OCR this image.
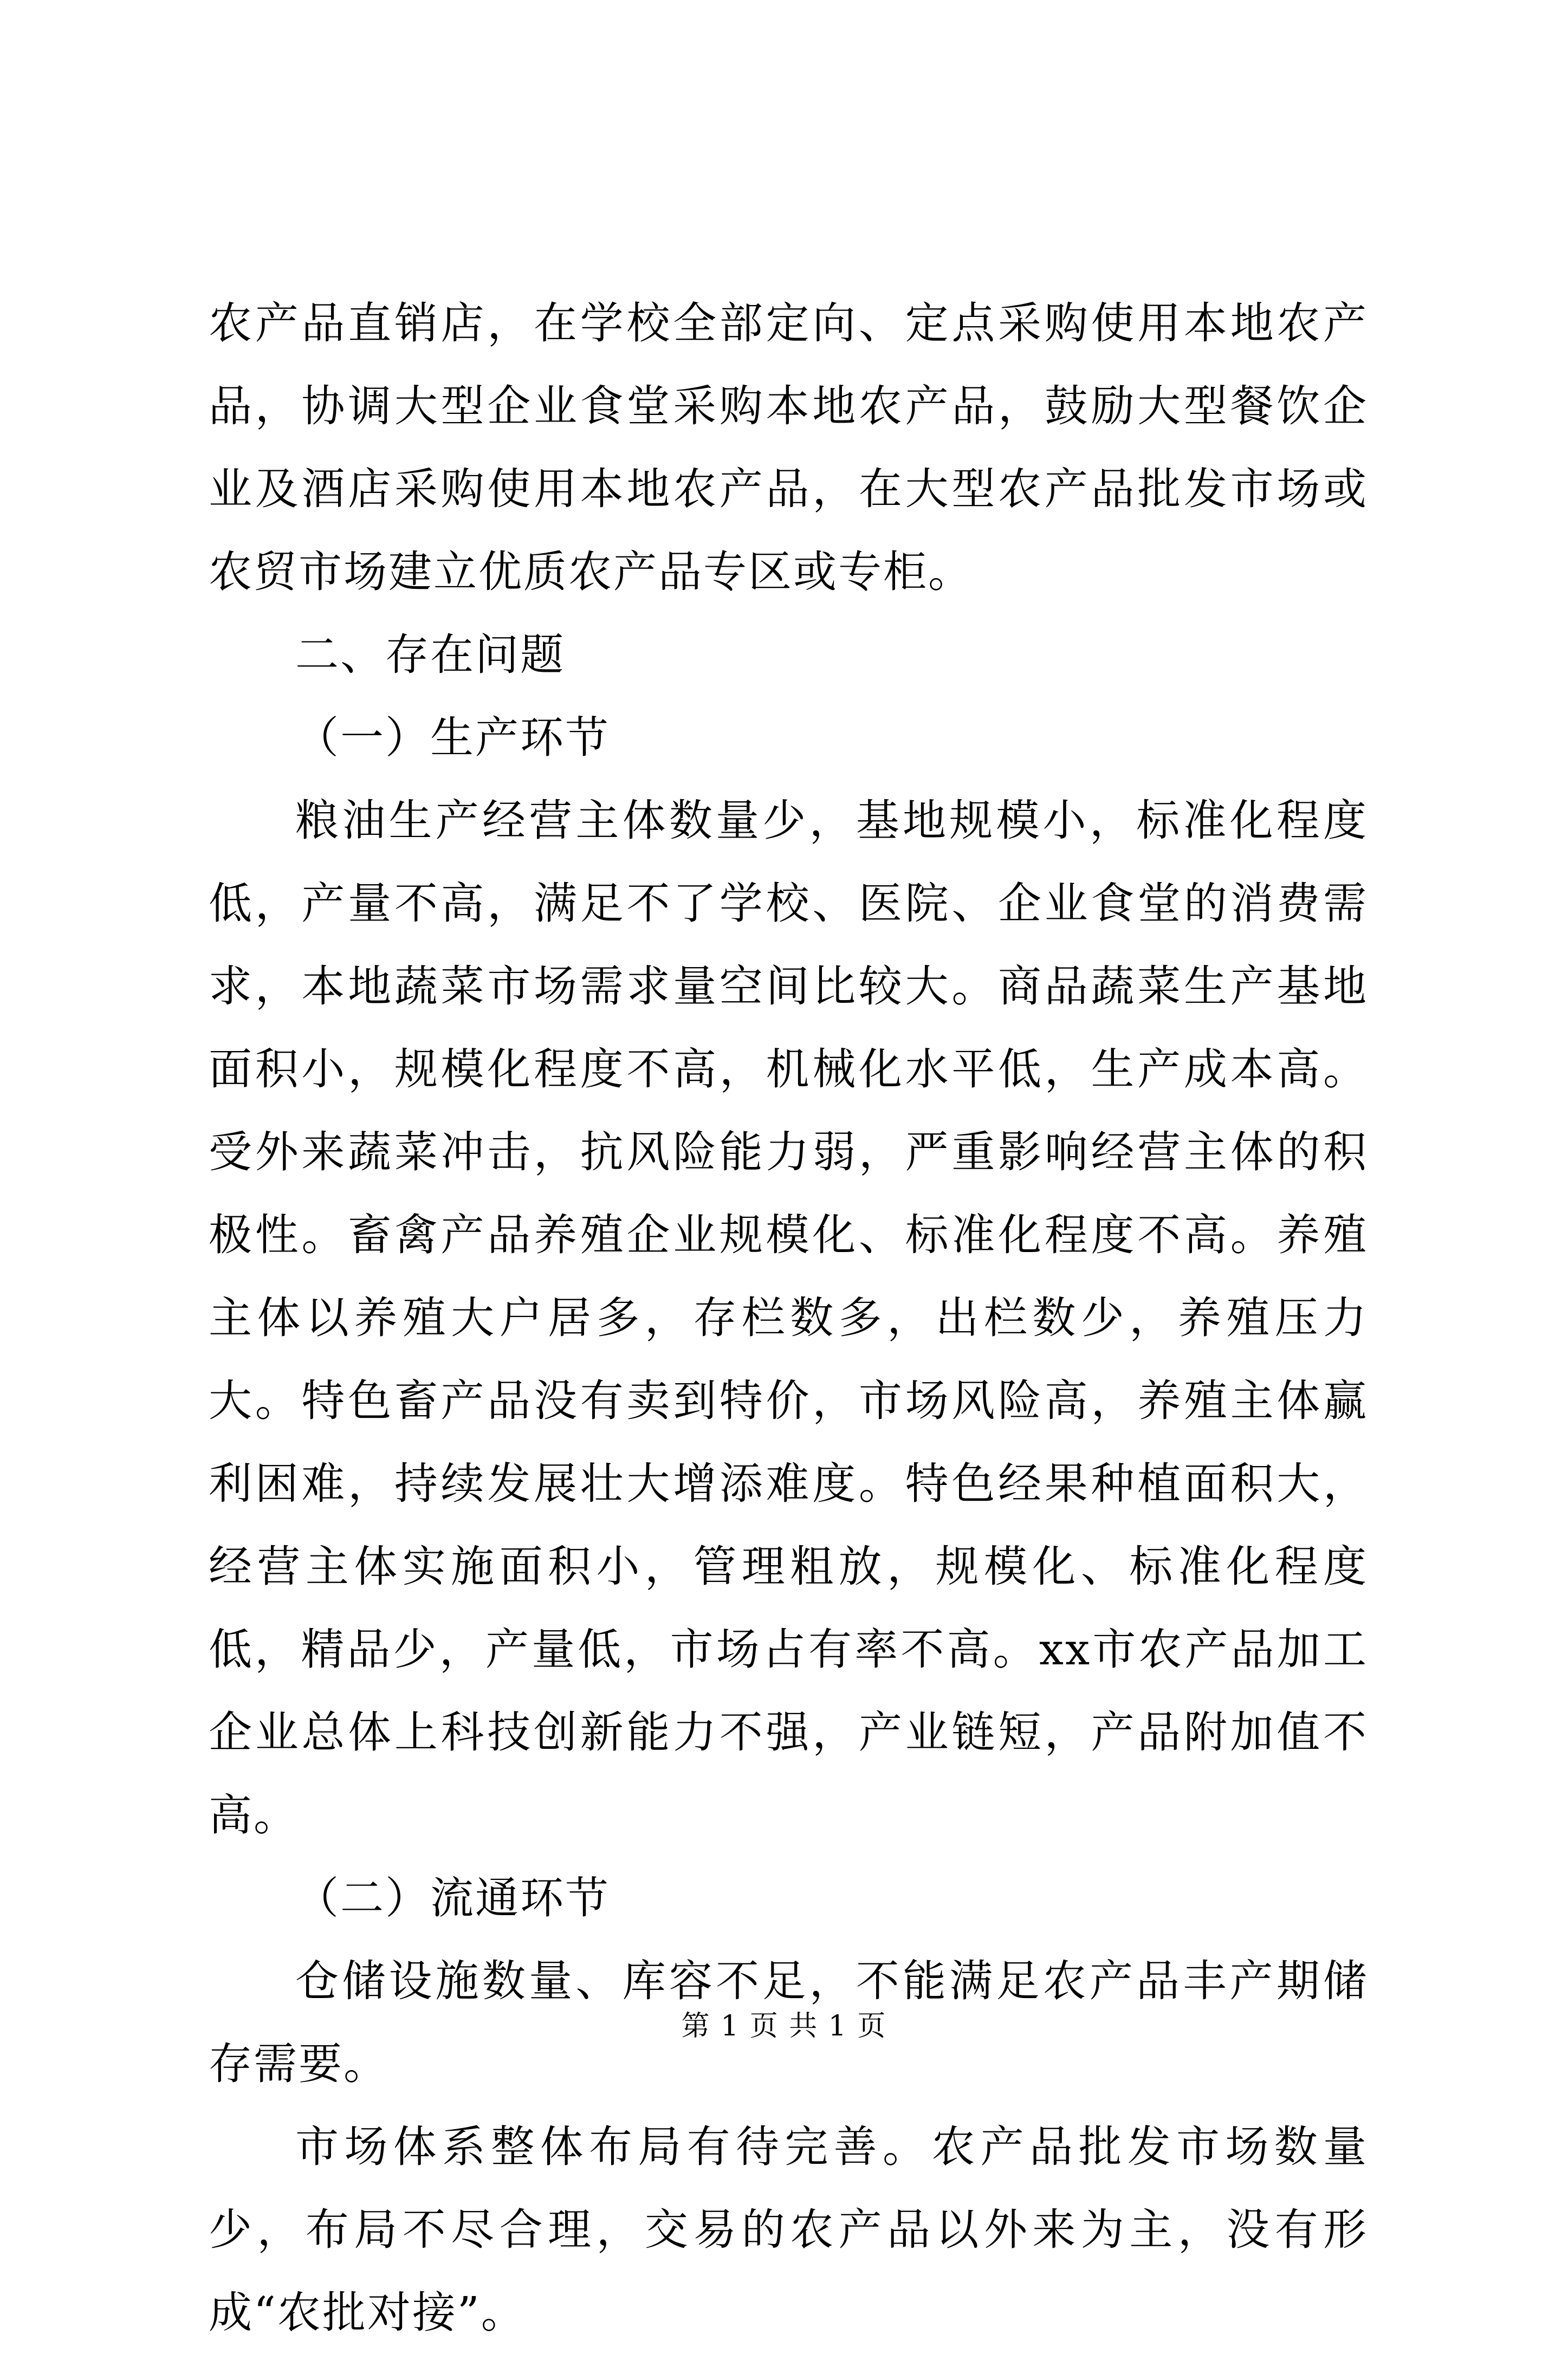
农产品直销店，在学校全部定向、定点采购使用本地农产品，协调大型企业食堂采购本地农产品，鼓励大型餐饮企业及酒店采购使用本地农产品，在大型农产品批发市场或农贸市场建立优质农产品专区或专柜。

二、存在问题

（一）生产环节

粮油生产经营主体数量少，基地规模小，标准化程度低，产量不高，满足不了学校、医院、企业食堂的消费需求，本地蔬菜市场需求量空间比较大。商品蔬菜生产基地面积小，规模化程度不高，机械化水平低，生产成本高。受外来蔬菜冲击，抗风险能力弱，严重影响经营主体的积极性。畜禽产品养殖企业规模化、标准化程度不高。养殖主体以养殖大户居多，存栏数多，出栏数少，养殖压力大。特色畜产品没有卖到特价，市场风险高，养殖主体赢利困难，持续发展壮大增添难度。特色经果种植面积大，经营主体实施面积小，管理粗放，规模化、标准化程度低，精品少，产量低，市场占有率不高。xx市农产品加工企业总体上科技创新能力不强，产业链短，产品附加值不高。

（二）流通环节

仓储设施数量、库容不足，不能满足农产品丰产期储存需要。

市场体系整体布局有待完善。农产品批发市场数量少，布局不尽合理，交易的农产品以外来为主，没有形成“农批对接”。

第 1 页 共 1 页
